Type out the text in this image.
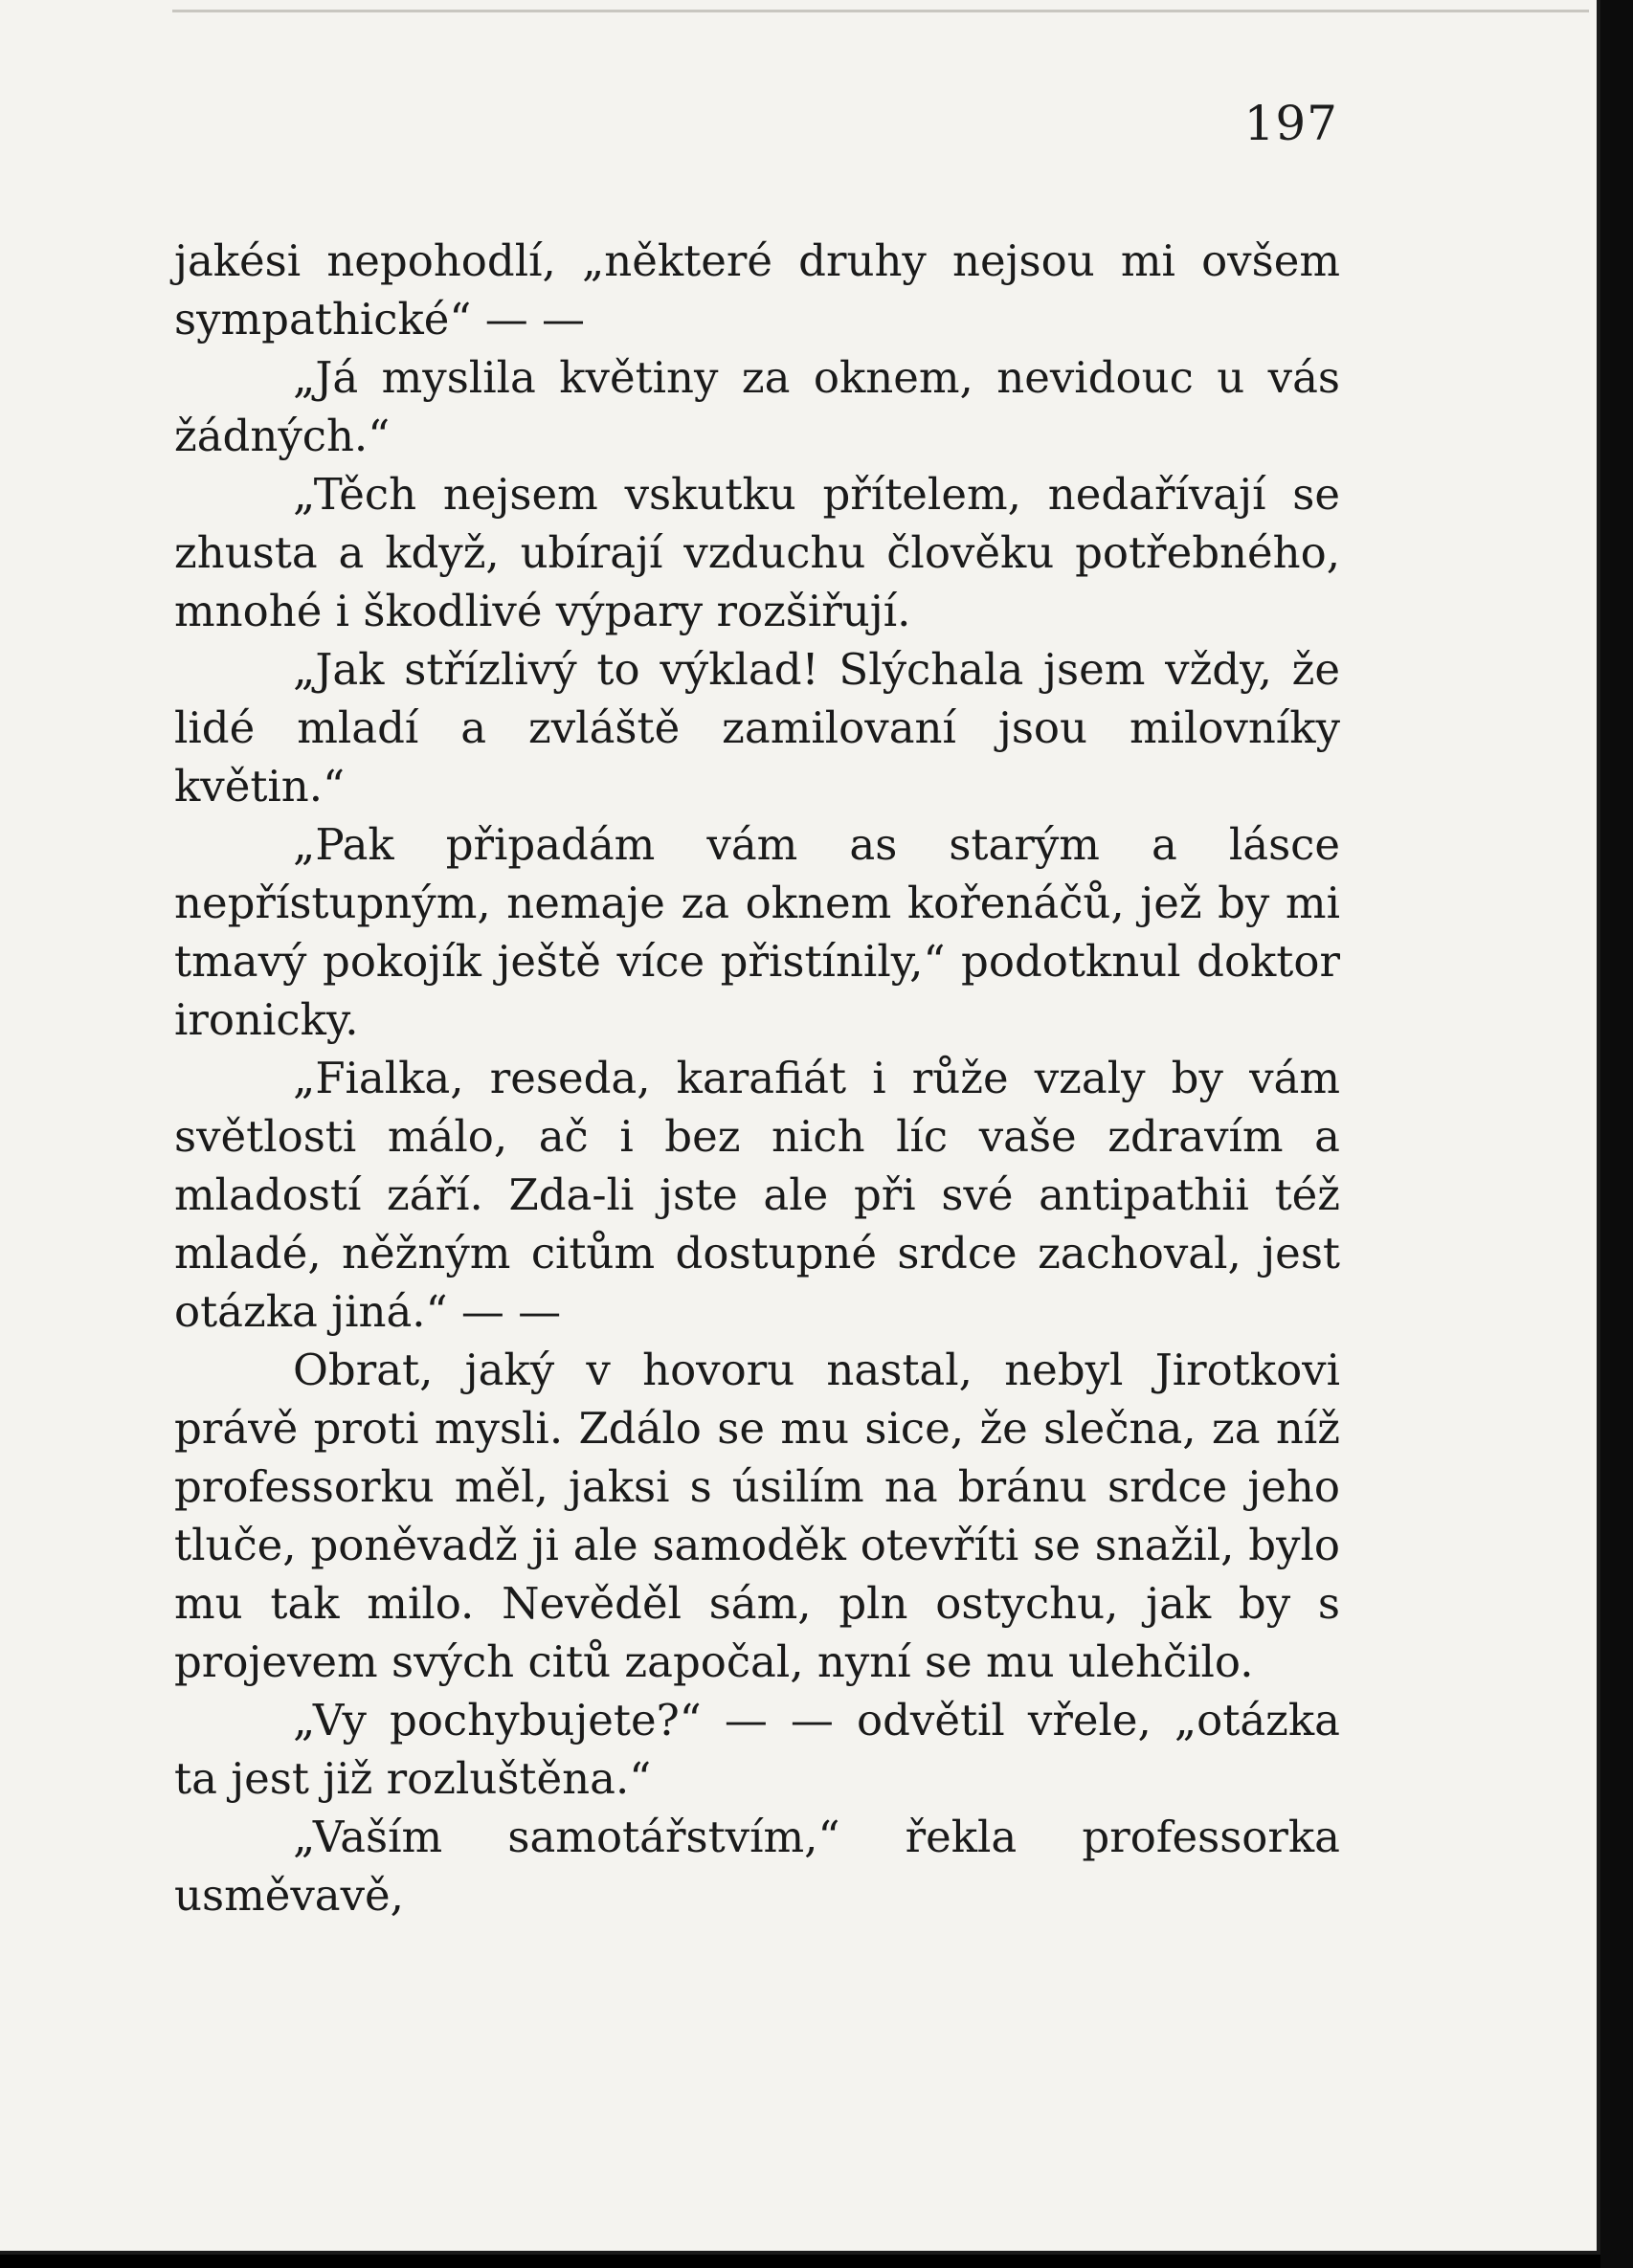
197

jakési nepohodlí, „některé druhy nejsou mi ovšem sympathické“ — —

„Já myslila květiny za oknem, nevidouc u vás žádných.“

„Těch nejsem vskutku přítelem, nedařívají se zhusta a když, ubírají vzduchu člověku potřebného, mnohé i škodlivé výpary rozšiřují.

„Jak střízlivý to výklad! Slýchala jsem vždy, že lidé mladí a zvláště zamilovaní jsou milovníky květin.“

„Pak připadám vám as starým a lásce nepřístupným, nemaje za oknem kořenáčů, jež by mi tmavý pokojík ještě více přistínily,“ podotknul doktor ironicky.

„Fialka, reseda, karafiát i růže vzaly by vám světlosti málo, ač i bez nich líc vaše zdravím a mladostí září. Zda-li jste ale při své antipathii též mladé, něžným citům dostupné srdce zachoval, jest otázka jiná.“ — —

Obrat, jaký v hovoru nastal, nebyl Jirotkovi právě proti mysli. Zdálo se mu sice, že slečna, za níž professorku měl, jaksi s úsilím na bránu srdce jeho tluče, poněvadž ji ale samoděk otevříti se snažil, bylo mu tak milo. Nevěděl sám, pln ostychu, jak by s projevem svých citů započal, nyní se mu ulehčilo.

„Vy pochybujete?“ — — odvětil vřele, „otázka ta jest již rozluštěna.“

„Vaším samotářstvím,“ řekla professorka usměvavě,
